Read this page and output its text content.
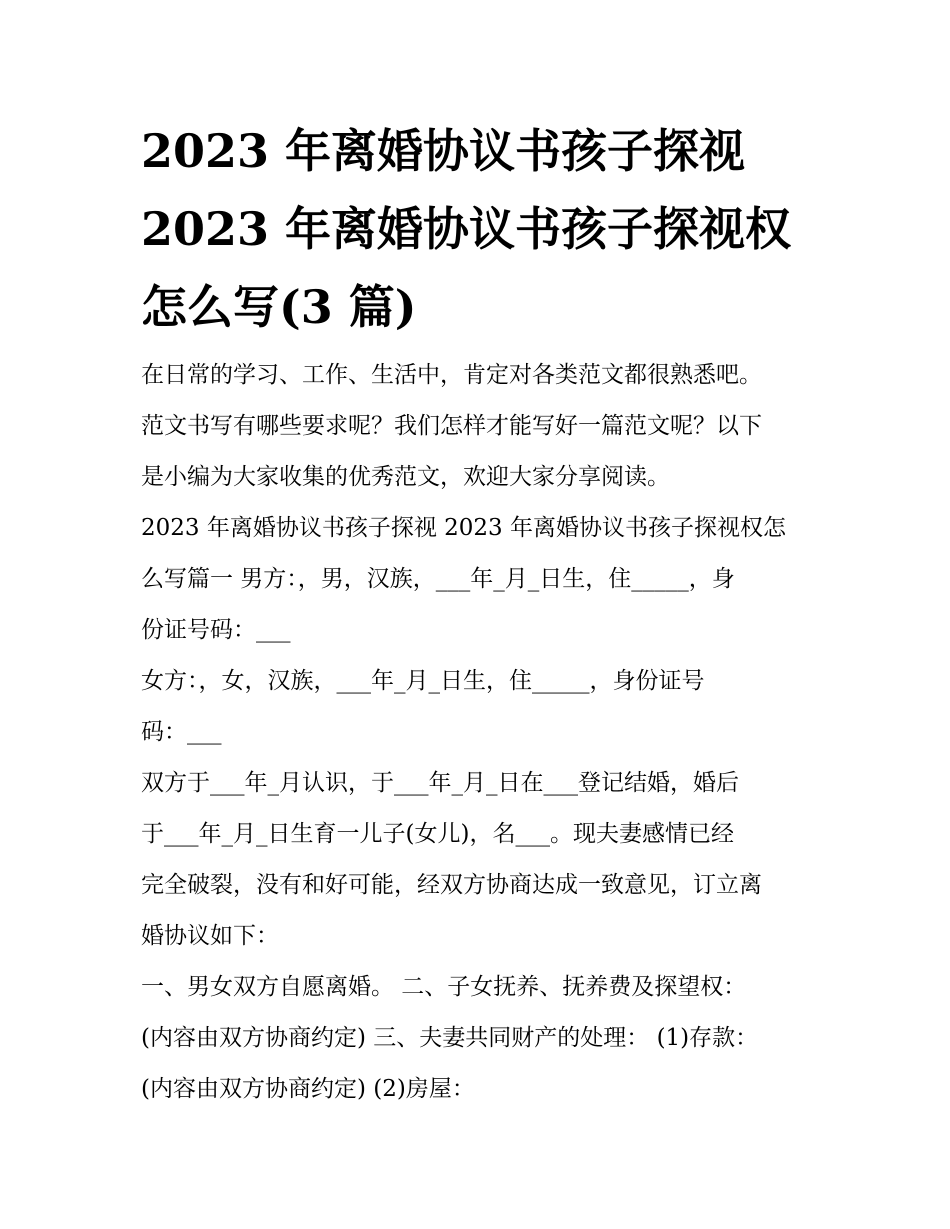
2023 年离婚协议书孩子探视
2023 年离婚协议书孩子探视权
怎么写(3 篇)
在日常的学习、工作、生活中，肯定对各类范文都很熟悉吧。
范文书写有哪些要求呢？我们怎样才能写好一篇范文呢？以下
是小编为大家收集的优秀范文，欢迎大家分享阅读。
2023 年离婚协议书孩子探视 2023 年离婚协议书孩子探视权怎
么写篇一 男方：，男，汉族，___年_月_日生，住_____，身
份证号码：___
女方：，女，汉族，___年_月_日生，住_____，身份证号
码：___
双方于___年_月认识，于___年_月_日在___登记结婚，婚后
于___年_月_日生育一儿子(女儿)，名___。现夫妻感情已经
完全破裂，没有和好可能，经双方协商达成一致意见，订立离
婚协议如下：
一、男女双方自愿离婚。 二、子女抚养、抚养费及探望权：
(内容由双方协商约定) 三、夫妻共同财产的处理： (1)存款：
(内容由双方协商约定) (2)房屋：
